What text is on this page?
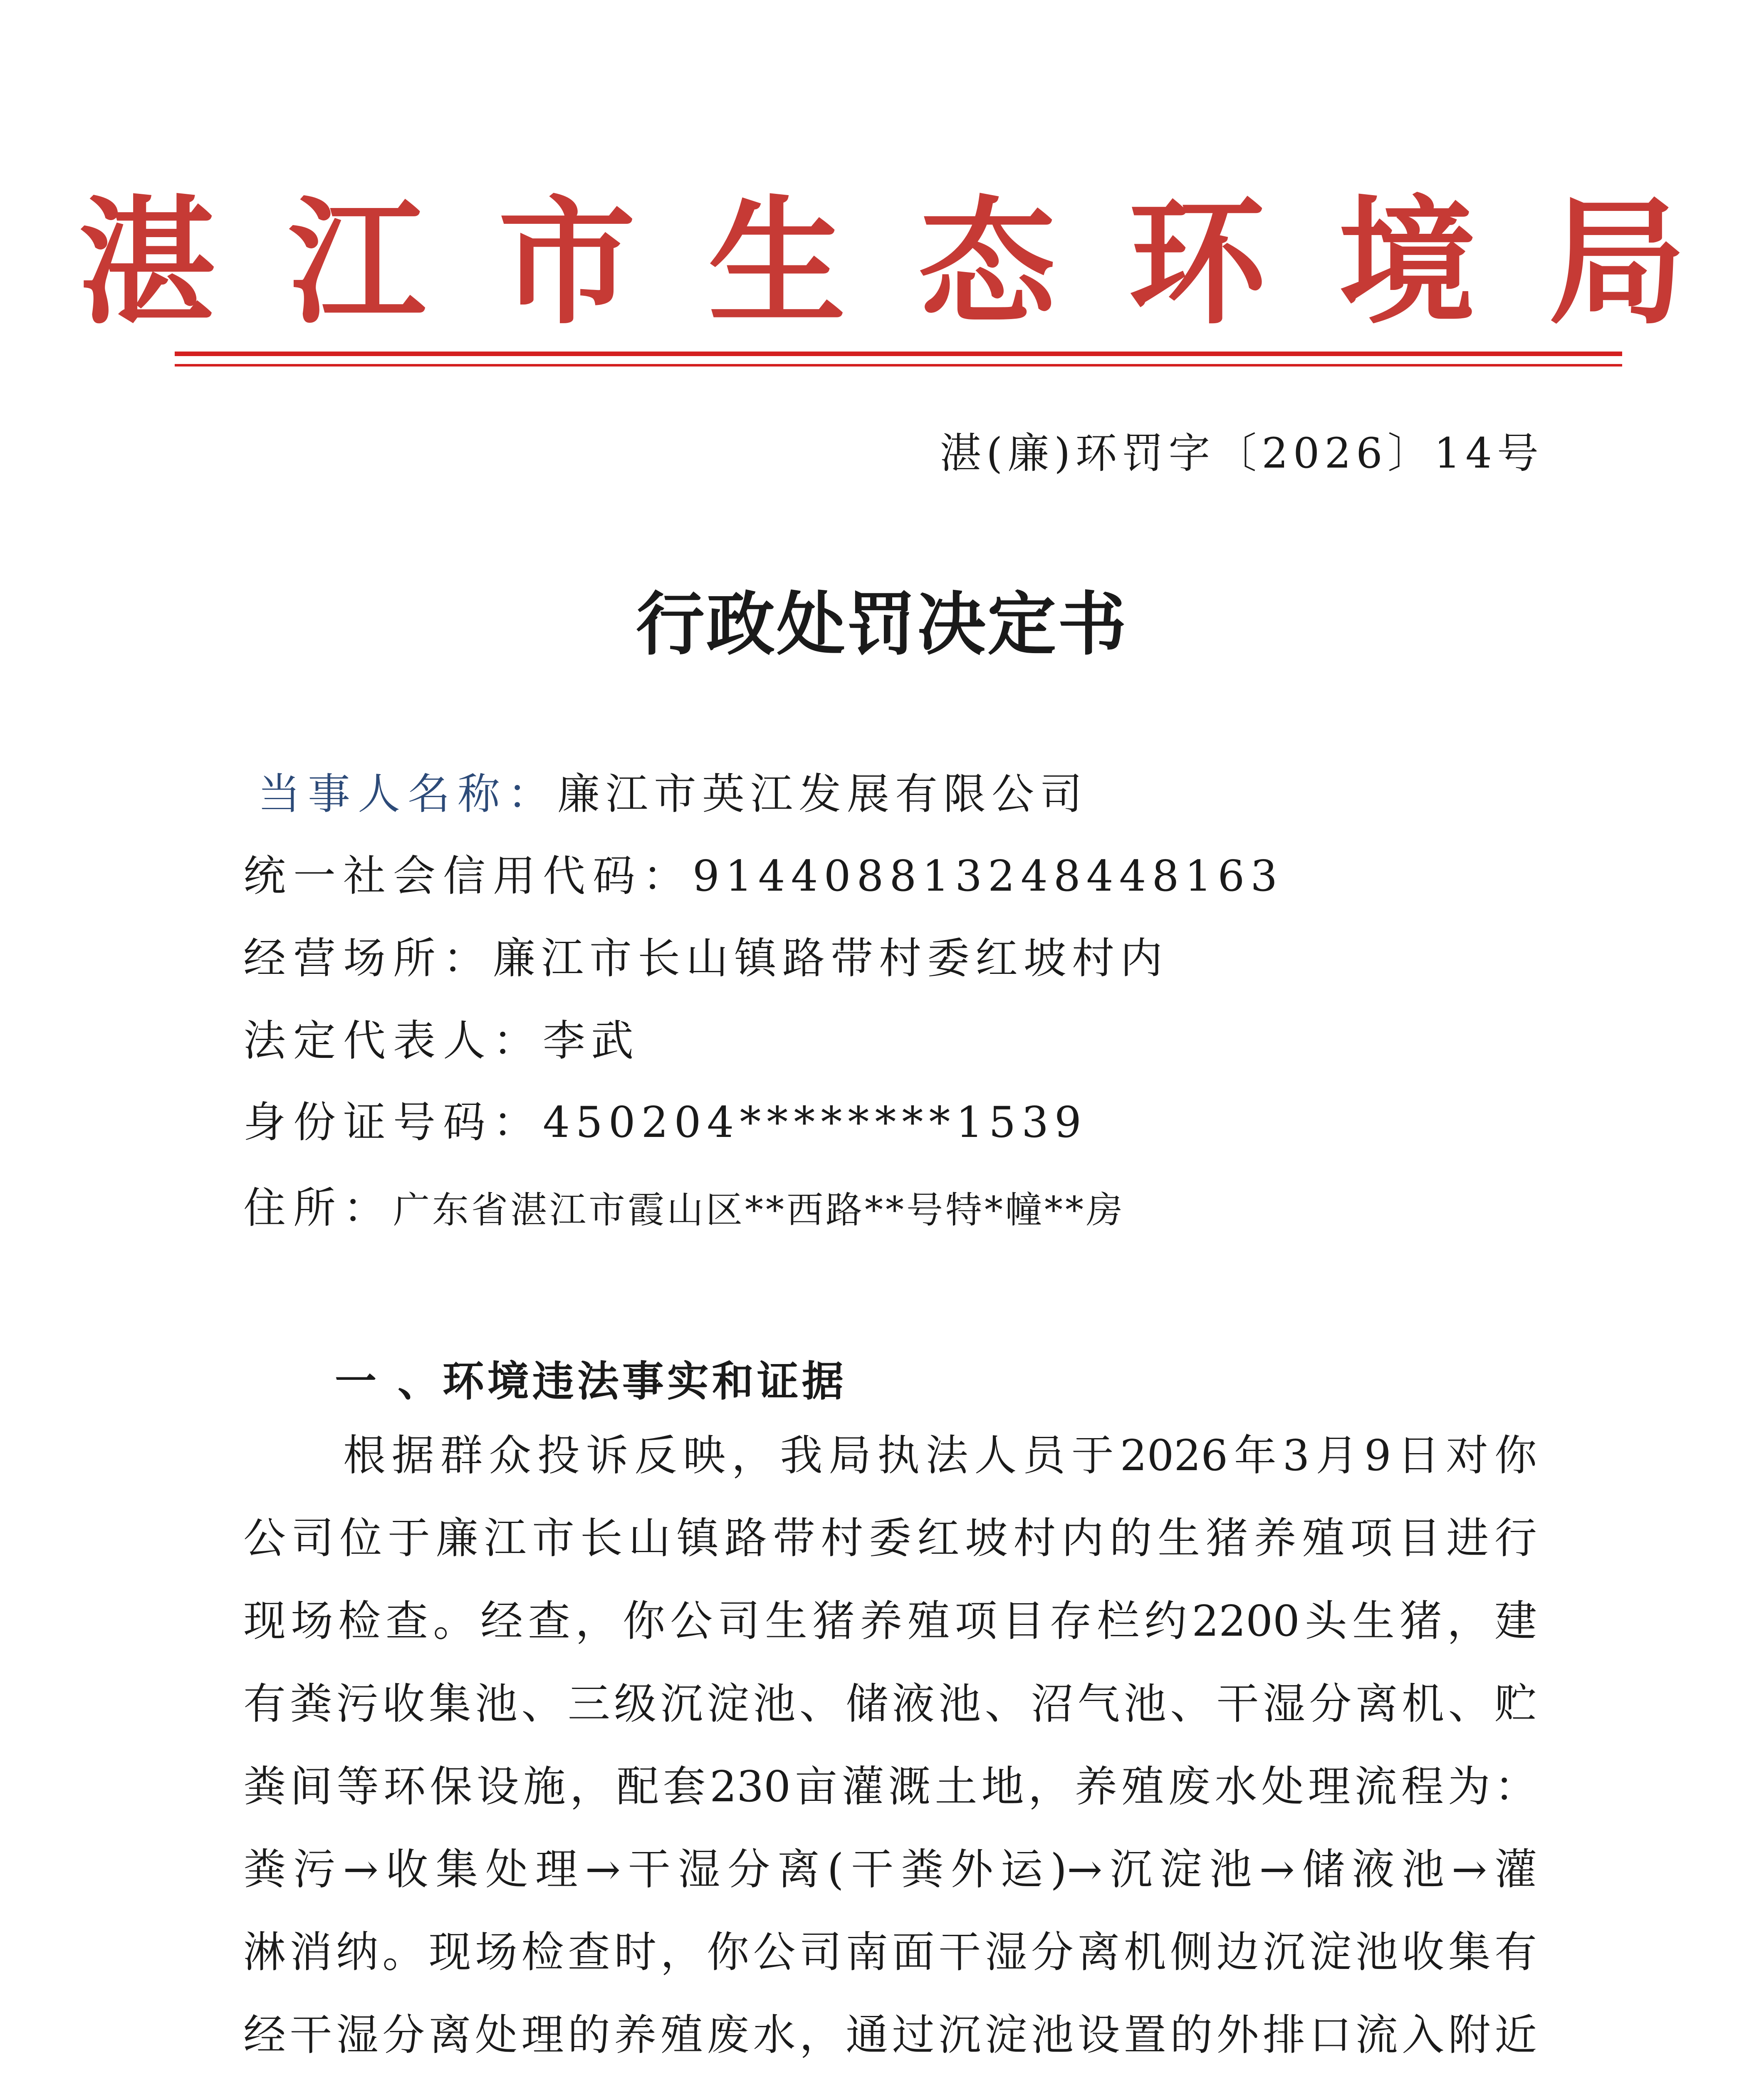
湛江市生态环境局
湛(廉)环罚字〔2026〕14号
行政处罚决定书
当事人名称：廉江市英江发展有限公司
统一社会信用代码：914408813248448163
经营场所：廉江市长山镇路带村委红坡村内
法定代表人：李武
身份证号码：450204********1539
住所：广东省湛江市霞山区**西路**号特*幢**房
一 、环境违法事实和证据
根据群众投诉反映，我局执法人员于2026年3月9日对你
公司位于廉江市长山镇路带村委红坡村内的生猪养殖项目进行
现场检查。经查，你公司生猪养殖项目存栏约2200头生猪，建
有粪污收集池、三级沉淀池、储液池、沼气池、干湿分离机、贮
粪间等环保设施，配套230亩灌溉土地，养殖废水处理流程为：
粪污→收集处理→干湿分离(干粪外运)→沉淀池→储液池→灌
淋消纳。现场检查时，你公司南面干湿分离机侧边沉淀池收集有
经干湿分离处理的养殖废水，通过沉淀池设置的外排口流入附近
